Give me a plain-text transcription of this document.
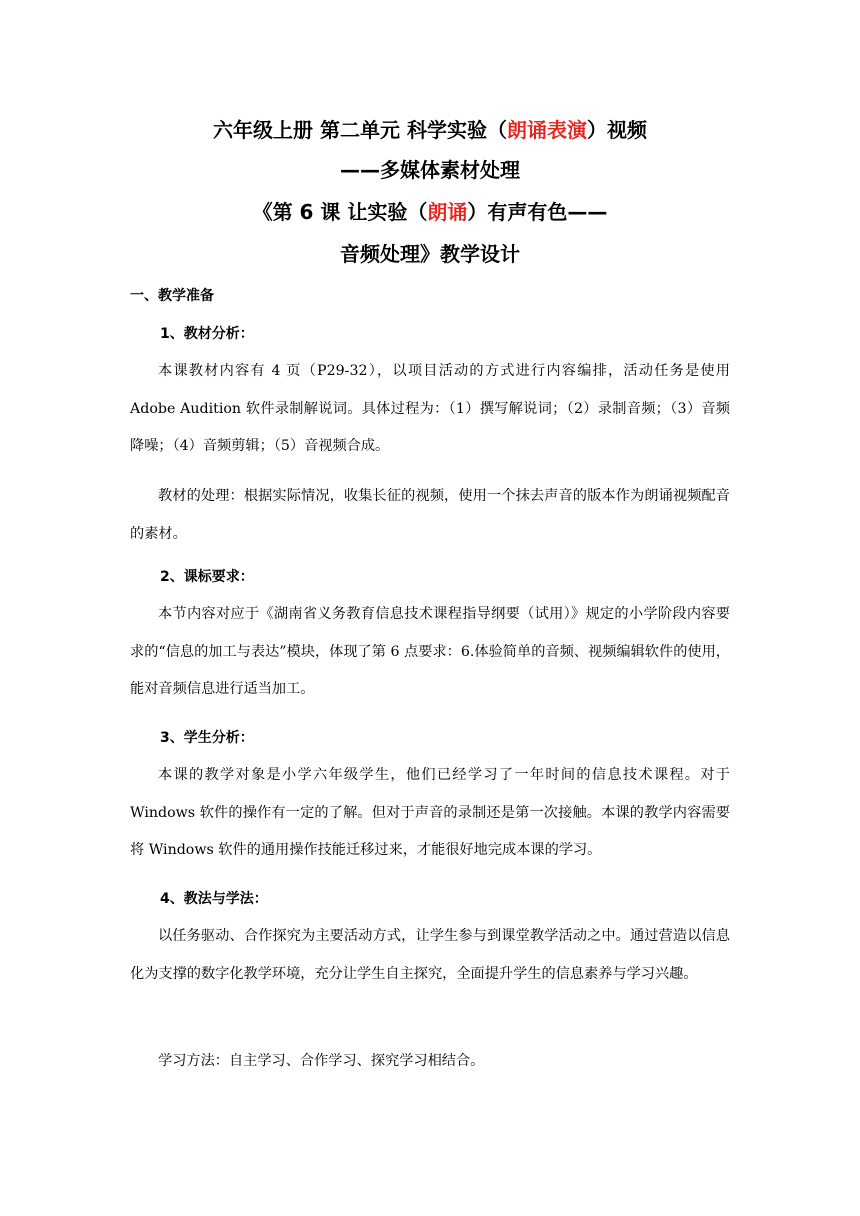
六年级上册 第二单元 科学实验（朗诵表演）视频
——多媒体素材处理
《第 6 课 让实验（朗诵）有声有色——
音频处理》教学设计
一、教学准备
1、教材分析：

本课教材内容有 4 页（P29-32），以项目活动的方式进行内容编排，活动任务是使用 Adobe Audition 软件录制解说词。具体过程为：（1）撰写解说词；（2）录制音频；（3）音频降噪；（4）音频剪辑；（5）音视频合成。

教材的处理：根据实际情况，收集长征的视频，使用一个抹去声音的版本作为朗诵视频配音的素材。

2、课标要求：

本节内容对应于《湖南省义务教育信息技术课程指导纲要（试用）》规定的小学阶段内容要求的“信息的加工与表达”模块，体现了第 6 点要求：6.体验简单的音频、视频编辑软件的使用，能对音频信息进行适当加工。

3、学生分析：

本课的教学对象是小学六年级学生，他们已经学习了一年时间的信息技术课程。对于 Windows 软件的操作有一定的了解。但对于声音的录制还是第一次接触。本课的教学内容需要将 Windows 软件的通用操作技能迁移过来，才能很好地完成本课的学习。

4、教法与学法：

以任务驱动、合作探究为主要活动方式，让学生参与到课堂教学活动之中。通过营造以信息化为支撑的数字化教学环境，充分让学生自主探究，全面提升学生的信息素养与学习兴趣。

学习方法：自主学习、合作学习、探究学习相结合。
